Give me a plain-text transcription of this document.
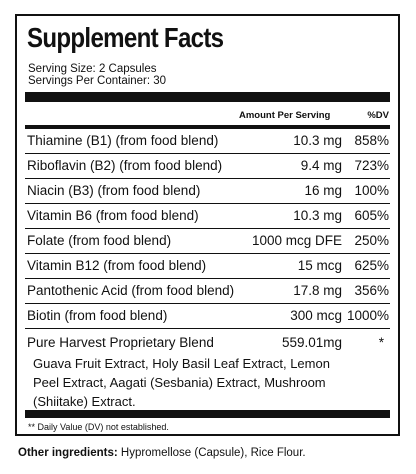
Supplement Facts
Serving Size: 2 Capsules
Servings Per Container: 30
Amount Per Serving	%DV
Thiamine (B1) (from food blend)	10.3 mg 858%
Riboflavin (B2) (from food blend)	9.4 mg 723%
Niacin (B3) (from food blend)	16 mg 100%
Vitamin B6 (from food blend)	10.3 mg 605%
Folate (from food blend)	1000 mcg DFE 250%
Vitamin B12 (from food blend)	15 mcg 625%
Pantothenic Acid (from food blend)	17.8 mg 356%
Biotin (from food blend)	300 mcg 1000%
Pure Harvest Proprietary Blend	559.01mg	*
Guava Fruit Extract, Holy Basil Leaf Extract, Lemon Peel Extract, Aagati (Sesbania) Extract, Mushroom (Shiitake) Extract.
** Daily Value (DV) not established.
Other ingredients: Hypromellose (Capsule), Rice Flour.
